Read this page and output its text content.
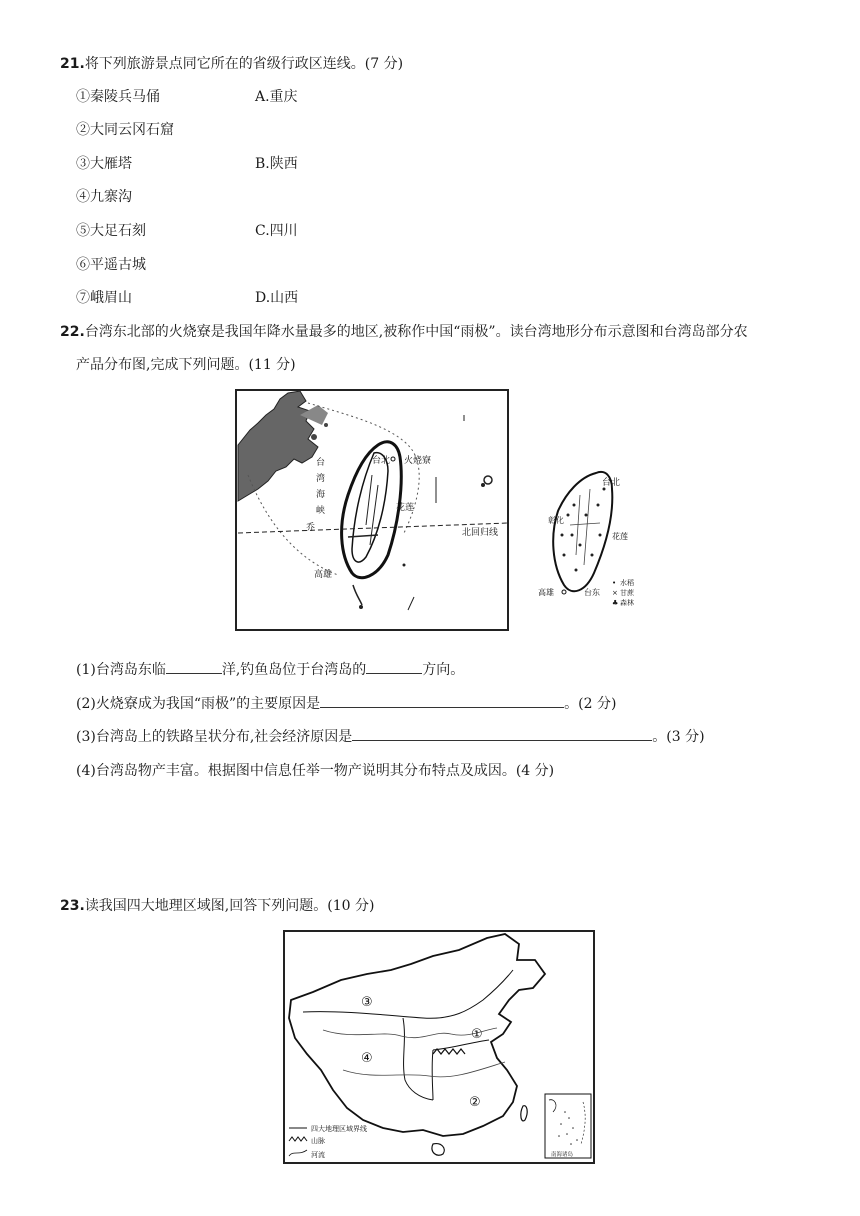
21.将下列旅游景点同它所在的省级行政区连线。(7 分)
①秦陵兵马俑	A.重庆
②大同云冈石窟
③大雁塔	B.陕西
④九寨沟
⑤大足石刻	C.四川
⑥平遥古城
⑦峨眉山	D.山西
22.台湾东北部的火烧寮是我国年降水量最多的地区,被称作中国“雨极”。读台湾地形分布示意图和台湾岛部分农
产品分布图,完成下列问题。(11 分)
台北 火烧寮
台
湾
海
峡	花莲
北回归线
高雄
乔
台北
彰化
花莲
高雄	台东
• 水稻
× 甘蔗
♣ 森林
(1)台湾岛东临	洋,钓鱼岛位于台湾岛的	方向。
(2)火烧寮成为我国“雨极”的主要原因是	。(2 分)
(3)台湾岛上的铁路呈状分布,社会经济原因是	。(3 分)
(4)台湾岛物产丰富。根据图中信息任举一物产说明其分布特点及成因。(4 分)
23.读我国四大地理区域图,回答下列问题。(10 分)
③
①
④
②
南海诸岛
四大地理区域界线
山脉
河流
